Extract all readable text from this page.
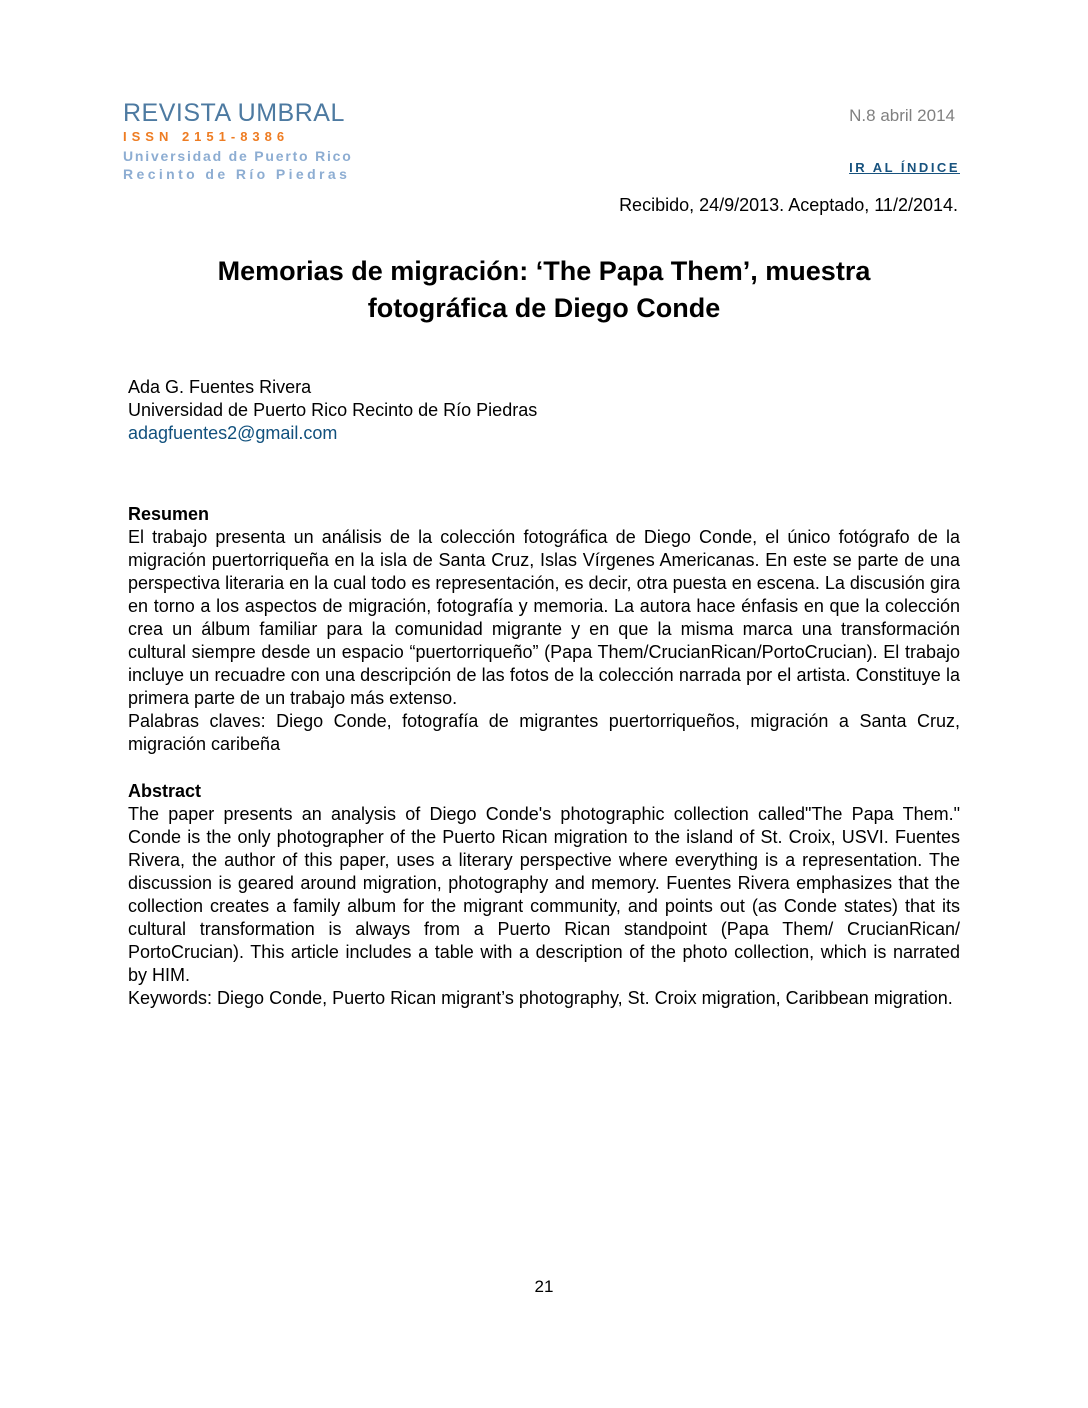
REVISTA UMBRAL
ISSN 2151-8386
Universidad de Puerto Rico
Recinto de Río Piedras
N.8 abril 2014
IR AL ÍNDICE
Recibido, 24/9/2013. Aceptado, 11/2/2014.
Memorias de migración: ‘The Papa Them’, muestra fotográfica de Diego Conde
Ada G. Fuentes Rivera
Universidad de Puerto Rico Recinto de Río Piedras
adagfuentes2@gmail.com

Resumen

El trabajo presenta un análisis de la colección fotográfica de Diego Conde, el único fotógrafo de la migración puertorriqueña en la isla de Santa Cruz, Islas Vírgenes Americanas. En este se parte de una perspectiva literaria en la cual todo es representación, es decir, otra puesta en escena. La discusión gira en torno a los aspectos de migración, fotografía y memoria. La autora hace énfasis en que la colección crea un álbum familiar para la comunidad migrante y en que la misma marca una transformación cultural siempre desde un espacio “puertorriqueño” (Papa Them/CrucianRican/PortoCrucian). El trabajo incluye un recuadre con una descripción de las fotos de la colección narrada por el artista. Constituye la primera parte de un trabajo más extenso.

Palabras claves: Diego Conde, fotografía de migrantes puertorriqueños, migración a Santa Cruz, migración caribeña

Abstract

The paper presents an analysis of Diego Conde's photographic collection called"The Papa Them." Conde is the only photographer of the Puerto Rican migration to the island of St. Croix, USVI. Fuentes Rivera, the author of this paper, uses a literary perspective where everything is a representation. The discussion is geared around migration, photography and memory. Fuentes Rivera emphasizes that the collection creates a family album for the migrant community, and points out (as Conde states) that its cultural transformation is always from a Puerto Rican standpoint (Papa Them/ CrucianRican/ PortoCrucian). This article includes a table with a description of the photo collection, which is narrated by HIM.

Keywords: Diego Conde, Puerto Rican migrant’s photography, St. Croix migration, Caribbean migration.

21
